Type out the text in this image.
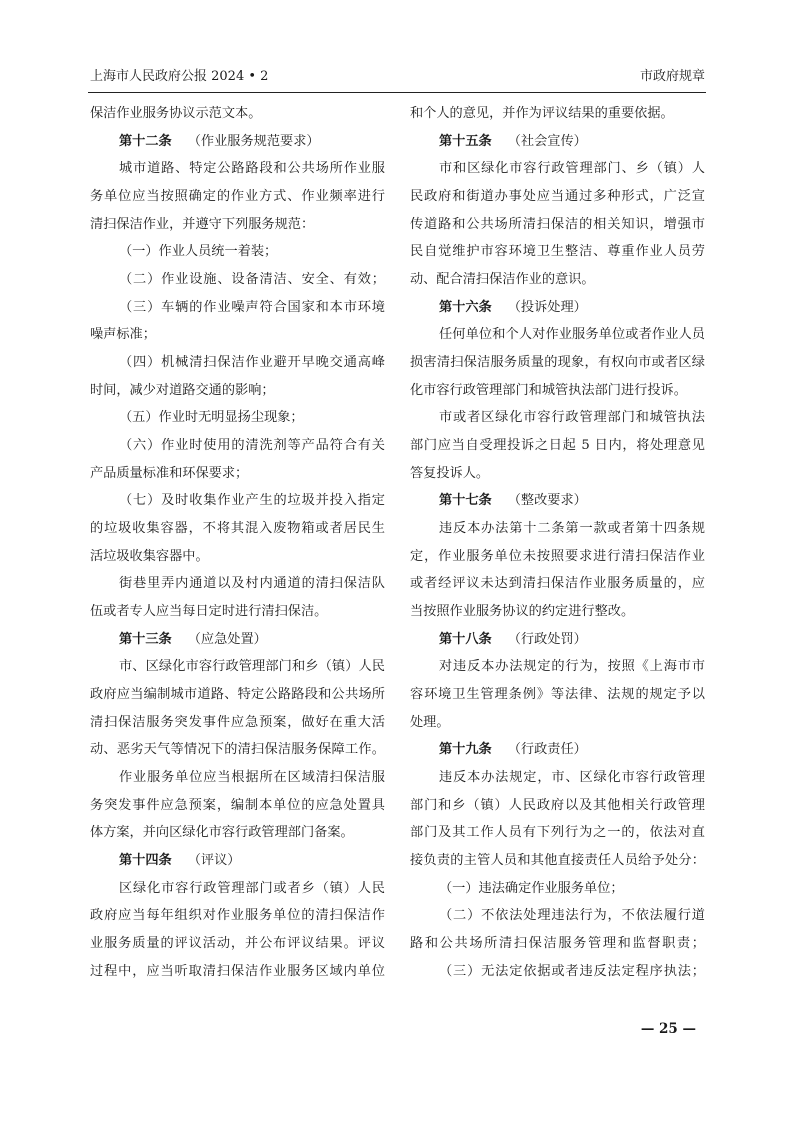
上海市人民政府公报 2024 • 2	市政府规章
保洁作业服务协议示范文本。
第十二条 （作业服务规范要求）
城市道路、特定公路路段和公共场所作业服
务单位应当按照确定的作业方式、作业频率进行
清扫保洁作业，并遵守下列服务规范：
（一）作业人员统一着装；
（二）作业设施、设备清洁、安全、有效；
（三）车辆的作业噪声符合国家和本市环境
噪声标准；
（四）机械清扫保洁作业避开早晚交通高峰
时间，减少对道路交通的影响；
（五）作业时无明显扬尘现象；
（六）作业时使用的清洗剂等产品符合有关
产品质量标准和环保要求；
（七）及时收集作业产生的垃圾并投入指定
的垃圾收集容器，不将其混入废物箱或者居民生
活垃圾收集容器中。
街巷里弄内通道以及村内通道的清扫保洁队
伍或者专人应当每日定时进行清扫保洁。
第十三条 （应急处置）
市、区绿化市容行政管理部门和乡（镇）人民
政府应当编制城市道路、特定公路路段和公共场所
清扫保洁服务突发事件应急预案，做好在重大活
动、恶劣天气等情况下的清扫保洁服务保障工作。
作业服务单位应当根据所在区域清扫保洁服
务突发事件应急预案，编制本单位的应急处置具
体方案，并向区绿化市容行政管理部门备案。
第十四条 （评议）
区绿化市容行政管理部门或者乡（镇）人民
政府应当每年组织对作业服务单位的清扫保洁作
业服务质量的评议活动，并公布评议结果。评议
过程中，应当听取清扫保洁作业服务区域内单位
和个人的意见，并作为评议结果的重要依据。
第十五条 （社会宣传）
市和区绿化市容行政管理部门、乡（镇）人
民政府和街道办事处应当通过多种形式，广泛宣
传道路和公共场所清扫保洁的相关知识，增强市
民自觉维护市容环境卫生整洁、尊重作业人员劳
动、配合清扫保洁作业的意识。
第十六条 （投诉处理）
任何单位和个人对作业服务单位或者作业人员
损害清扫保洁服务质量的现象，有权向市或者区绿
化市容行政管理部门和城管执法部门进行投诉。
市或者区绿化市容行政管理部门和城管执法
部门应当自受理投诉之日起 5 日内，将处理意见
答复投诉人。
第十七条 （整改要求）
违反本办法第十二条第一款或者第十四条规
定，作业服务单位未按照要求进行清扫保洁作业
或者经评议未达到清扫保洁作业服务质量的，应
当按照作业服务协议的约定进行整改。
第十八条 （行政处罚）
对违反本办法规定的行为，按照《上海市市
容环境卫生管理条例》等法律、法规的规定予以
处理。
第十九条 （行政责任）
违反本办法规定，市、区绿化市容行政管理
部门和乡（镇）人民政府以及其他相关行政管理
部门及其工作人员有下列行为之一的，依法对直
接负责的主管人员和其他直接责任人员给予处分：
（一）违法确定作业服务单位；
（二）不依法处理违法行为，不依法履行道
路和公共场所清扫保洁服务管理和监督职责；
（三）无法定依据或者违反法定程序执法；
— 25 —
